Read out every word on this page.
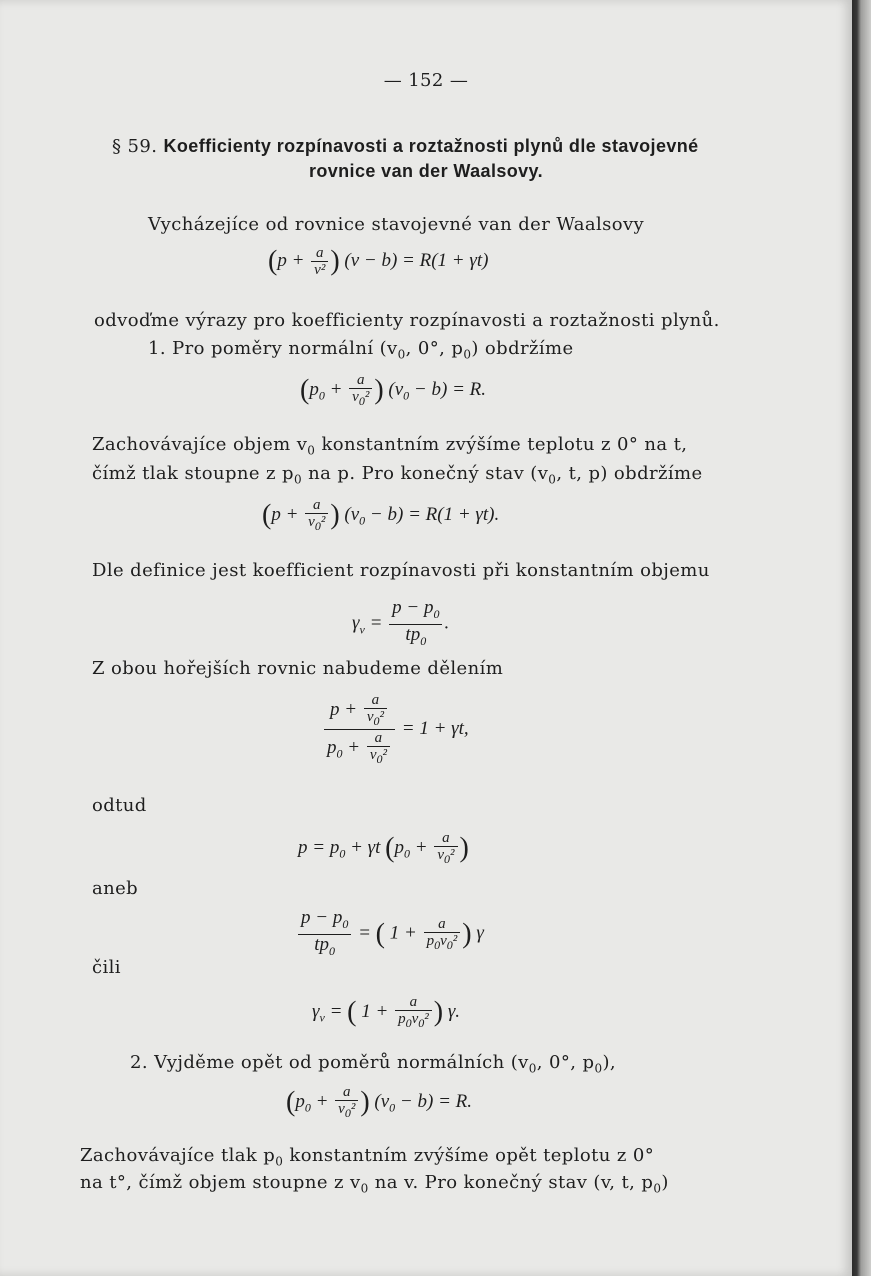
— 152 —
§ 59. Koefficienty rozpínavosti a roztažnosti plynů dle stavojevné
rovnice van der Waalsovy.
Vycházejíce od rovnice stavojevné van der Waalsovy
($p + \frac{a}{\text{v²}}$ ) (v − b) = R(1 + γt)
odvoďme výrazy pro koefficienty rozpínavosti a roztažnosti plynů.
1. Pro poměry normální ($v_0$, 0°, $p_0$) obdržíme
($p_0 + \frac{a}{v_0^2}$ ) $(v_0 - b) = R$.
Zachovávajíce objem $v_0$ konstantním zvýšíme teplotu z 0° na t,
čímž tlak stoupne z $p_0$ na p. Pro konečný stav ($v_0$, t, p) obdržíme
($p + \frac{a}{v_0^2}$ ) $(v_0 - b) = R(1 + \gamma t)$.
Dle definice jest koefficient rozpínavosti při konstantním objemu
$\gamma_v = \frac{p - p_0}{tp_0}$ .
Z obou hořejších rovnic nabudeme dělením
$\frac{p + \frac{a}{v_0^2}}{p_0 + \frac{a}{v_0^2}} = 1 + \gamma t$,
odtud
$p = p_0 + \gamma t$ ($p_0 + \frac{a}{v_0^2}$ )
aneb
$\frac{p - p_0}{tp_0}$ = ( $1 + \frac{a}{p_0v_0^2}$ ) γ
čili
$\gamma_v$ = ( $1 + \frac{a}{p_0v_0^2}$ ) γ.
2. Vyjděme opět od poměrů normálních ($v_0$, 0°, $p_0$),
($p_0 + \frac{a}{v_0^2}$ ) $(v_0 - b) = R$.
Zachovávajíce tlak $p_0$ konstantním zvýšíme opět teplotu z 0°
na t°, čímž objem stoupne z $v_0$ na v. Pro konečný stav (v, t, $p_0$)
